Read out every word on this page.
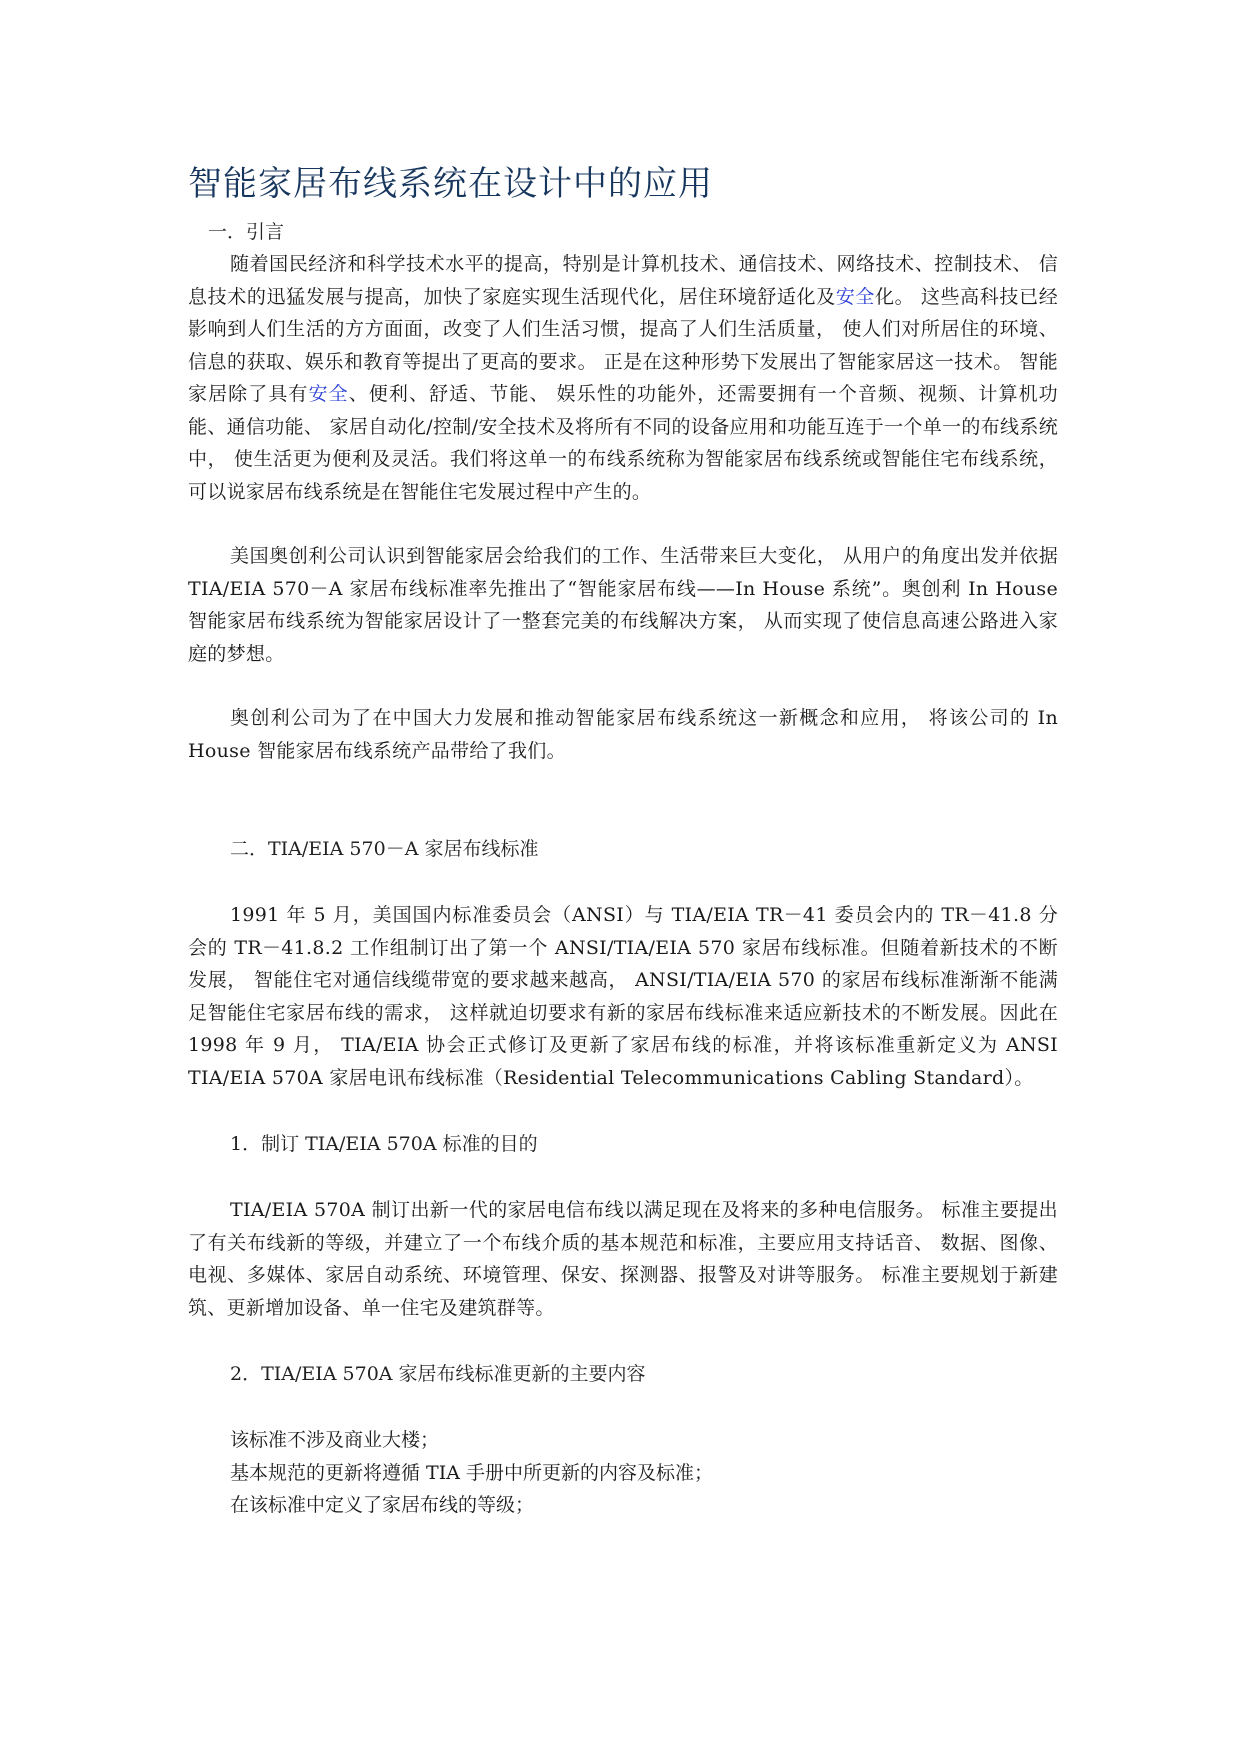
智能家居布线系统在设计中的应用
一．引言

随着国民经济和科学技术水平的提高，特别是计算机技术、通信技术、网络技术、控制技术、 信息技术的迅猛发展与提高，加快了家庭实现生活现代化，居住环境舒适化及安全化。 这些高科技已经影响到人们生活的方方面面，改变了人们生活习惯，提高了人们生活质量， 使人们对所居住的环境、信息的获取、娱乐和教育等提出了更高的要求。 正是在这种形势下发展出了智能家居这一技术。 智能家居除了具有安全、便利、舒适、节能、 娱乐性的功能外，还需要拥有一个音频、视频、计算机功能、通信功能、 家居自动化/控制/安全技术及将所有不同的设备应用和功能互连于一个单一的布线系统中， 使生活更为便利及灵活。我们将这单一的布线系统称为智能家居布线系统或智能住宅布线系统， 可以说家居布线系统是在智能住宅发展过程中产生的。

美国奥创利公司认识到智能家居会给我们的工作、生活带来巨大变化， 从用户的角度出发并依据 TIA/EIA 570－A 家居布线标准率先推出了“智能家居布线——In House 系统”。奥创利 In House 智能家居布线系统为智能家居设计了一整套完美的布线解决方案， 从而实现了使信息高速公路进入家庭的梦想。

奥创利公司为了在中国大力发展和推动智能家居布线系统这一新概念和应用， 将该公司的 In House 智能家居布线系统产品带给了我们。

二．TIA/EIA 570－A 家居布线标准

1991 年 5 月，美国国内标准委员会（ANSI）与 TIA/EIA TR－41 委员会内的 TR－41.8 分会的 TR－41.8.2 工作组制订出了第一个 ANSI/TIA/EIA 570 家居布线标准。但随着新技术的不断发展， 智能住宅对通信线缆带宽的要求越来越高， ANSI/TIA/EIA 570 的家居布线标准渐渐不能满足智能住宅家居布线的需求， 这样就迫切要求有新的家居布线标准来适应新技术的不断发展。因此在 1998 年 9 月， TIA/EIA 协会正式修订及更新了家居布线的标准，并将该标准重新定义为 ANSI TIA/EIA 570A 家居电讯布线标准（Residential Telecommunications Cabling Standard）。

1．制订 TIA/EIA 570A 标准的目的

TIA/EIA 570A 制订出新一代的家居电信布线以满足现在及将来的多种电信服务。 标准主要提出了有关布线新的等级，并建立了一个布线介质的基本规范和标准，主要应用支持话音、 数据、图像、电视、多媒体、家居自动系统、环境管理、保安、探测器、报警及对讲等服务。 标准主要规划于新建筑、更新增加设备、单一住宅及建筑群等。

2．TIA/EIA 570A 家居布线标准更新的主要内容
该标准不涉及商业大楼；
基本规范的更新将遵循 TIA 手册中所更新的内容及标准；
在该标准中定义了家居布线的等级；
